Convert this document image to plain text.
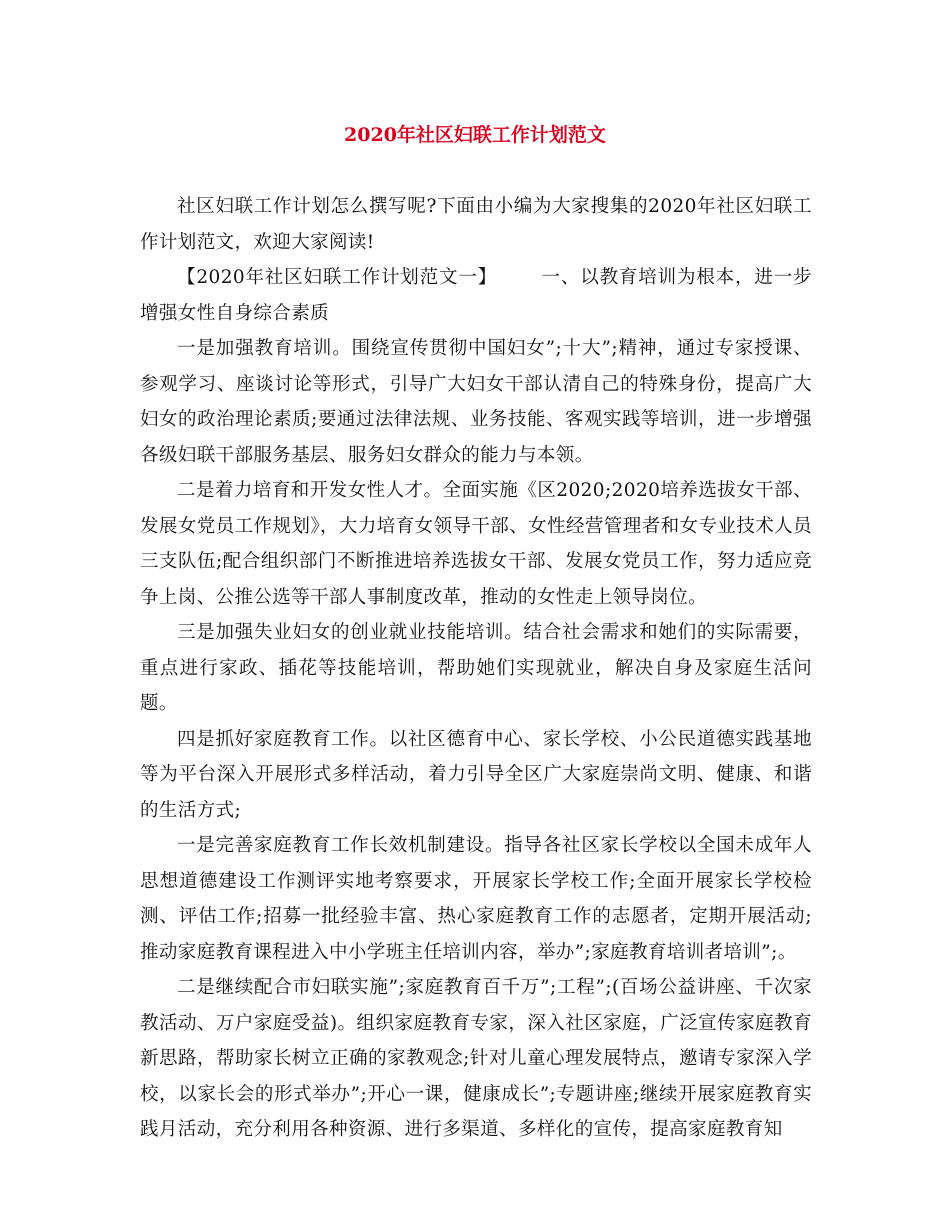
2020年社区妇联工作计划范文

社区妇联工作计划怎么撰写呢?下面由小编为大家搜集的2020年社区妇联工作计划范文，欢迎大家阅读!

【2020年社区妇联工作计划范文一】 一、以教育培训为根本，进一步增强女性自身综合素质

一是加强教育培训。围绕宣传贯彻中国妇女”;十大”;精神，通过专家授课、参观学习、座谈讨论等形式，引导广大妇女干部认清自己的特殊身份，提高广大妇女的政治理论素质;要通过法律法规、业务技能、客观实践等培训，进一步增强各级妇联干部服务基层、服务妇女群众的能力与本领。

二是着力培育和开发女性人才。全面实施《区2020;2020培养选拔女干部、发展女党员工作规划》，大力培育女领导干部、女性经营管理者和女专业技术人员三支队伍;配合组织部门不断推进培养选拔女干部、发展女党员工作，努力适应竞争上岗、公推公选等干部人事制度改革，推动的女性走上领导岗位。

三是加强失业妇女的创业就业技能培训。结合社会需求和她们的实际需要，重点进行家政、插花等技能培训，帮助她们实现就业，解决自身及家庭生活问题。

四是抓好家庭教育工作。以社区德育中心、家长学校、小公民道德实践基地等为平台深入开展形式多样活动，着力引导全区广大家庭崇尚文明、健康、和谐的生活方式;

一是完善家庭教育工作长效机制建设。指导各社区家长学校以全国未成年人思想道德建设工作测评实地考察要求，开展家长学校工作;全面开展家长学校检测、评估工作;招募一批经验丰富、热心家庭教育工作的志愿者，定期开展活动;推动家庭教育课程进入中小学班主任培训内容，举办”;家庭教育培训者培训”;。

二是继续配合市妇联实施”;家庭教育百千万”;工程”;(百场公益讲座、千次家教活动、万户家庭受益)。组织家庭教育专家，深入社区家庭，广泛宣传家庭教育新思路，帮助家长树立正确的家教观念;针对儿童心理发展特点，邀请专家深入学校，以家长会的形式举办”;开心一课，健康成长”;专题讲座;继续开展家庭教育实践月活动，充分利用各种资源、进行多渠道、多样化的宣传，提高家庭教育知
